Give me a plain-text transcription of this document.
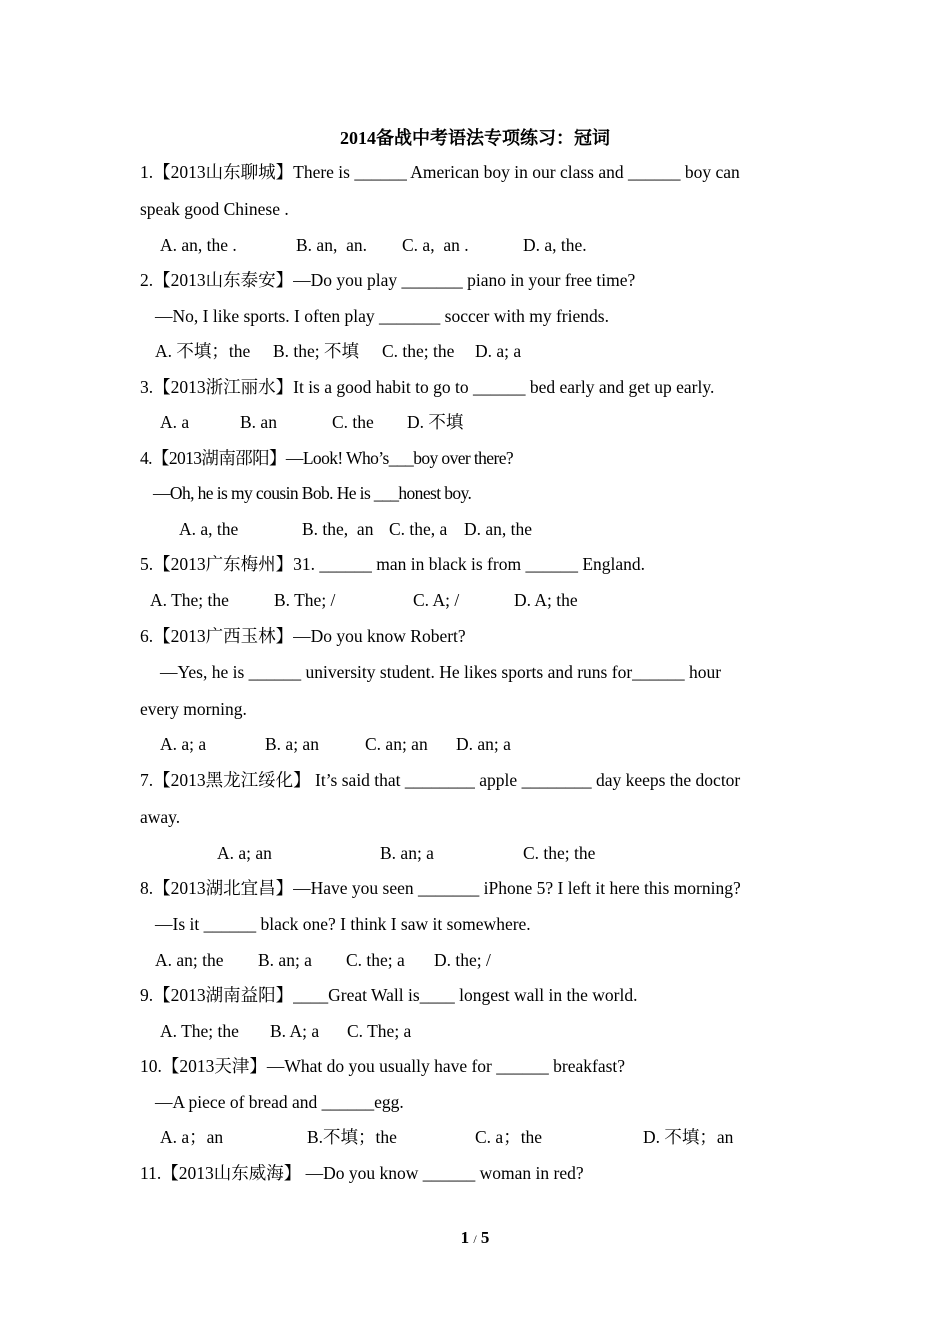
2014备战中考语法专项练习：冠词
1.【2013山东聊城】There is ______ American boy in our class and ______ boy can
speak good Chinese .
A. an, the .	B. an,  an. C. a,  an .	D. a, the.
2.【2013山东泰安】—Do you play _______ piano in your free time?
—No, I like sports. I often play _______ soccer with my friends.
A. 不填；the B. the; 不填 C. the; the D. a; a
3.【2013浙江丽水】It is a good habit to go to ______ bed early and get up early.
A. a	B. an	C. the D. 不填
4.【2013湖南邵阳】—Look! Who’s___boy over there?
—Oh, he is my cousin Bob. He is ___honest boy.
A. a, the	B. the,  an C. the, a D. an, the
5.【2013广东梅州】31. ______ man in black is from ______ England.
A. The; the	B. The; /	C. A; /	D. A; the
6.【2013广西玉林】—Do you know Robert?
—Yes, he is ______ university student. He likes sports and runs for______ hour
every morning.
A. a; a	B. a; an	C. an; an D. an; a
7.【2013黑龙江绥化】 It’s said that ________ apple ________ day keeps the doctor
away.
A. a; an	B. an; a	C. the; the
8.【2013湖北宜昌】—Have you seen _______ iPhone 5? I left it here this morning?
—Is it ______ black one? I think I saw it somewhere.
A. an; the B. an; a C. the; a D. the; /
9.【2013湖南益阳】____Great Wall is____ longest wall in the world.
A. The; the B. A; a C. The; a
10.【2013天津】—What do you usually have for ______ breakfast?
—A piece of bread and ______egg.
A. a；an	B.不填；the	C. a；the	D. 不填；an
11.【2013山东威海】 —Do you know ______ woman in red?
1 / 5
